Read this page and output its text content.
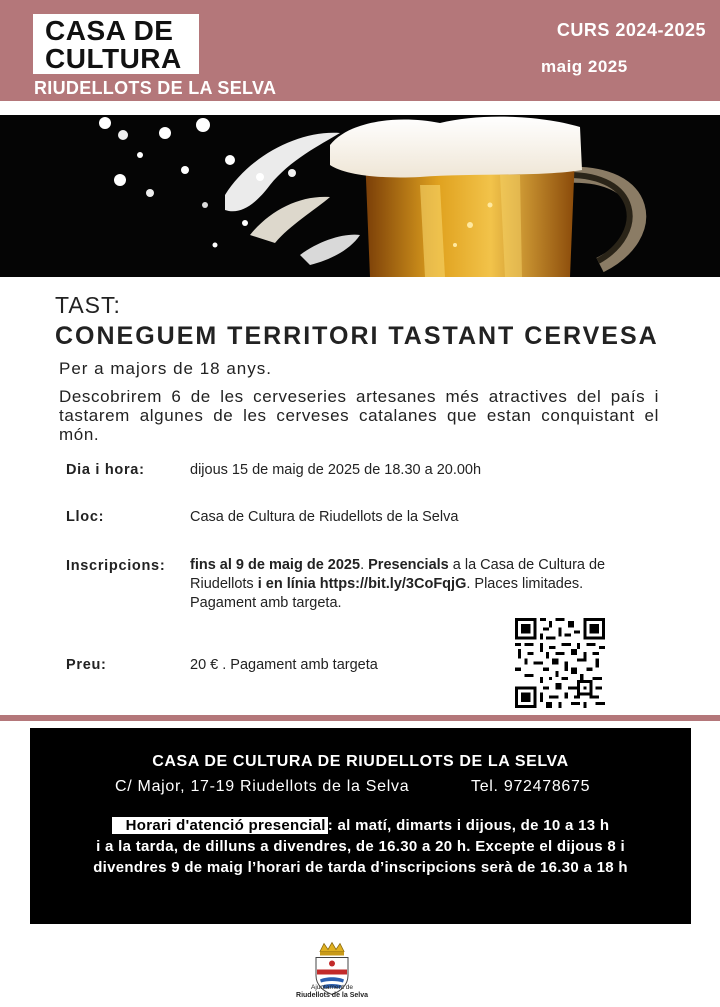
CASA DE
CULTURA
RIUDELLOTS DE LA SELVA
CURS 2024-2025
maig 2025
TAST:
CONEGUEM TERRITORI TASTANT CERVESA
Per a majors de 18 anys.
Descobrirem 6 de les cerveseries artesanes més atractives del país i tastarem algunes de les cerveses catalanes que estan conquistant el món.
Dia i hora:	dijous 15 de maig de 2025 de 18.30 a 20.00h
Lloc:	Casa de Cultura de Riudellots de la Selva
Inscripcions: fins al 9 de maig de 2025. Presencials a la Casa de Cultura de Riudellots i en línia https://bit.ly/3CoFqjG. Places limitades. Pagament amb targeta.
Preu:	20 € . Pagament amb targeta
CASA DE CULTURA DE RIUDELLOTS DE LA SELVA
C/ Major, 17-19 Riudellots de la Selva	Tel. 972478675
Horari d'atenció presencial : al matí, dimarts i dijous, de 10 a 13 h
i a la tarda, de dilluns a divendres, de 16.30 a 20 h. Excepte el dijous 8 i
divendres 9 de maig l’horari de tarda d’inscripcions serà de 16.30 a 18 h
Ajuntament de
Riudellots de la Selva
